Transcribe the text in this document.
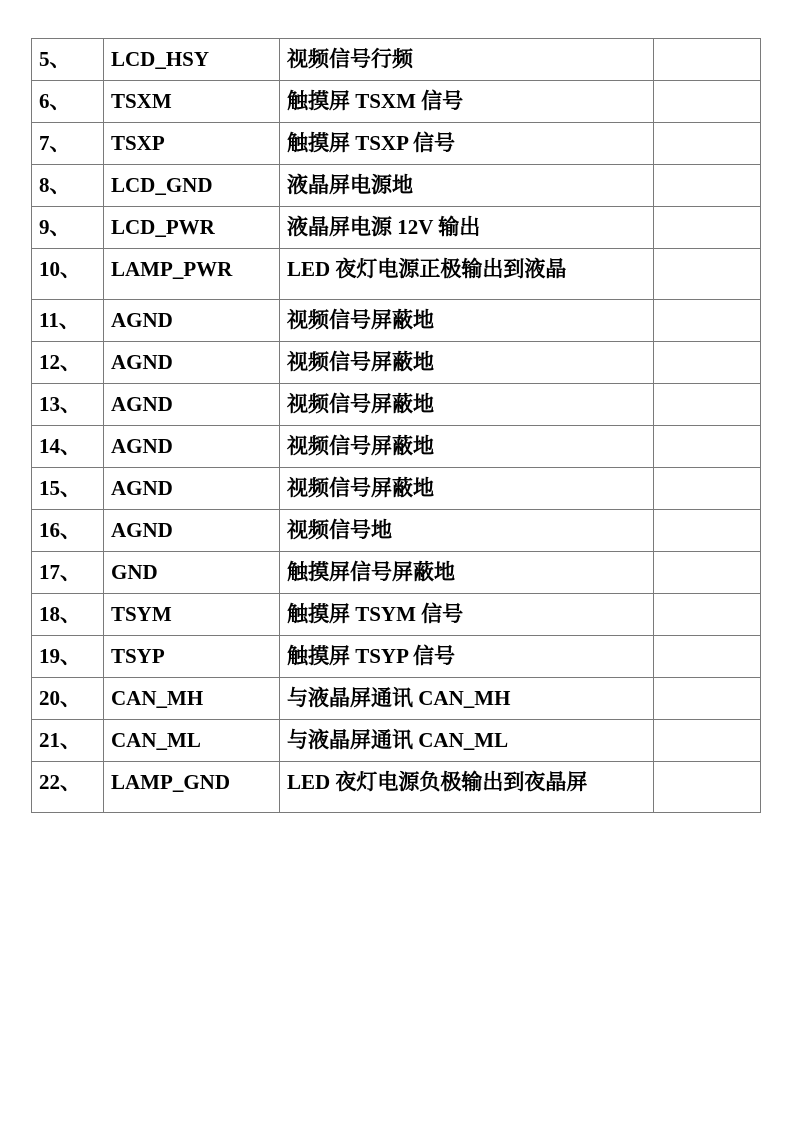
5、	LCD_HSY	视频信号行频	
6、	TSXM	触摸屏 TSXM 信号	
7、	TSXP	触摸屏 TSXP 信号	
8、	LCD_GND	液晶屏电源地	
9、	LCD_PWR	液晶屏电源 12V 输出	
10、	LAMP_PWR	LED 夜灯电源正极输出到液晶	
11、	AGND	视频信号屏蔽地	
12、	AGND	视频信号屏蔽地	
13、	AGND	视频信号屏蔽地	
14、	AGND	视频信号屏蔽地	
15、	AGND	视频信号屏蔽地	
16、	AGND	视频信号地	
17、	GND	触摸屏信号屏蔽地	
18、	TSYM	触摸屏 TSYM 信号	
19、	TSYP	触摸屏 TSYP 信号	
20、	CAN_MH	与液晶屏通讯 CAN_MH	
21、	CAN_ML	与液晶屏通讯 CAN_ML	
22、	LAMP_GND	LED 夜灯电源负极输出到夜晶屏	
